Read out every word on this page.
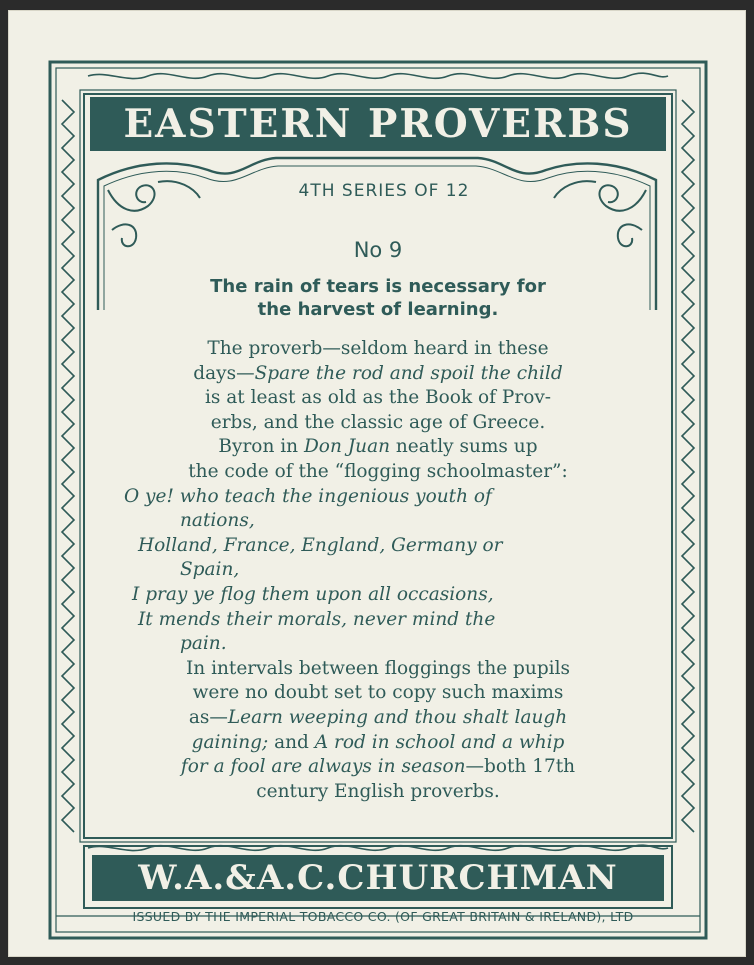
EASTERN PROVERBS
4TH SERIES OF 12
No 9
The rain of tears is necessary for
the harvest of learning.

The proverb—seldom heard in these
days—Spare the rod and spoil the child
is at least as old as the Book of Prov-
erbs, and the classic age of Greece.
Byron in Don Juan neatly sums up
the code of the “flogging schoolmaster”:

O ye! who teach the ingenious youth of
nations,
Holland, France, England, Germany or
Spain,
I pray ye flog them upon all occasions,
It mends their morals, never mind the
pain.

In intervals between floggings the pupils
were no doubt set to copy such maxims
as—Learn weeping and thou shalt laugh
gaining; and A rod in school and a whip
for a fool are always in season—both 17th
century English proverbs.

W.A.&A.C.CHURCHMAN
ISSUED BY THE IMPERIAL TOBACCO CO. (OF GREAT BRITAIN & IRELAND), LTD
